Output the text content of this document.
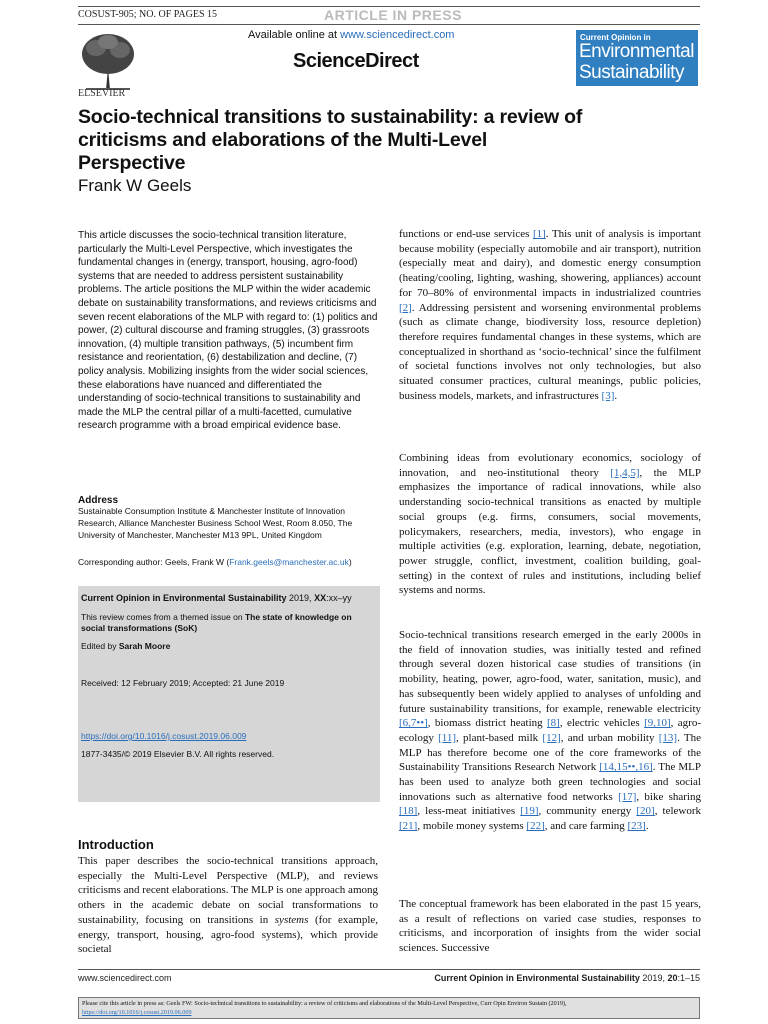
COSUST-905; NO. OF PAGES 15	ARTICLE IN PRESS
ELSEVIER
Available online at www.sciencedirect.com
ScienceDirect
Current Opinion in
Environmental
Sustainability
Socio-technical transitions to sustainability: a review of
criticisms and elaborations of the Multi-Level
Perspective
Frank W Geels

This article discusses the socio-technical transition literature, particularly the Multi-Level Perspective, which investigates the fundamental changes in (energy, transport, housing, agro-food) systems that are needed to address persistent sustainability problems. The article positions the MLP within the wider academic debate on sustainability transformations, and reviews criticisms and seven recent elaborations of the MLP with regard to: (1) politics and power, (2) cultural discourse and framing struggles, (3) grassroots innovation, (4) multiple transition pathways, (5) incumbent firm resistance and reorientation, (6) destabilization and decline, (7) policy analysis. Mobilizing insights from the wider social sciences, these elaborations have nuanced and differentiated the understanding of socio-technical transitions to sustainability and made the MLP the central pillar of a multi-facetted, cumulative research programme with a broad empirical evidence base.

Address
Sustainable Consumption Institute & Manchester Institute of Innovation Research, Alliance Manchester Business School West, Room 8.050, The University of Manchester, Manchester M13 9PL, United Kingdom
Corresponding author: Geels, Frank W (Frank.geels@manchester.ac.uk)
Current Opinion in Environmental Sustainability 2019, XX:xx–yy
This review comes from a themed issue on The state of knowledge on social transformations (SoK)
Edited by Sarah Moore
Received: 12 February 2019; Accepted: 21 June 2019
https://doi.org/10.1016/j.cosust.2019.06.009
1877-3435/© 2019 Elsevier B.V. All rights reserved.
Introduction

This paper describes the socio-technical transitions approach, especially the Multi-Level Perspective (MLP), and reviews criticisms and recent elaborations. The MLP is one approach among others in the academic debate on social transformations to sustainability, focusing on transitions in systems (for example, energy, transport, housing, agro-food systems), which provide societal

functions or end-use services [1]. This unit of analysis is important because mobility (especially automobile and air transport), nutrition (especially meat and dairy), and domestic energy consumption (heating/cooling, lighting, washing, showering, appliances) account for 70–80% of environmental impacts in industrialized countries [2]. Addressing persistent and worsening environmental problems (such as climate change, biodiversity loss, resource depletion) therefore requires fundamental changes in these systems, which are conceptualized in shorthand as ‘socio-technical’ since the fulfilment of societal functions involves not only technologies, but also situated consumer practices, cultural meanings, public policies, business models, markets, and infrastructures [3].

Combining ideas from evolutionary economics, sociology of innovation, and neo-institutional theory [1,4,5], the MLP emphasizes the importance of radical innovations, while also understanding socio-technical transitions as enacted by multiple social groups (e.g. firms, consumers, social movements, policymakers, researchers, media, investors), who engage in multiple activities (e.g. exploration, learning, debate, negotiation, power struggle, conflict, investment, coalition building, goal-setting) in the context of rules and institutions, including belief systems and norms.

Socio-technical transitions research emerged in the early 2000s in the field of innovation studies, was initially tested and refined through several dozen historical case studies of transitions (in mobility, heating, power, agro-food, water, sanitation, music), and has subsequently been widely applied to analyses of unfolding and future sustainability transitions, for example, renewable electricity [6,7••], biomass district heating [8], electric vehicles [9,10], agro-ecology [11], plant-based milk [12], and urban mobility [13]. The MLP has therefore become one of the core frameworks of the Sustainability Transitions Research Network [14,15••,16]. The MLP has been used to analyze both green technologies and social innovations such as alternative food networks [17], bike sharing [18], less-meat initiatives [19], community energy [20], telework [21], mobile money systems [22], and care farming [23].

The conceptual framework has been elaborated in the past 15 years, as a result of reflections on varied case studies, responses to criticisms, and incorporation of insights from the wider social sciences. Successive

www.sciencedirect.com	Current Opinion in Environmental Sustainability 2019, 20:1–15
Please cite this article in press as: Geels FW: Socio-technical transitions to sustainability: a review of criticisms and elaborations of the Multi-Level Perspective, Curr Opin Environ Sustain (2019),
https://doi.org/10.1016/j.cosust.2019.06.009
